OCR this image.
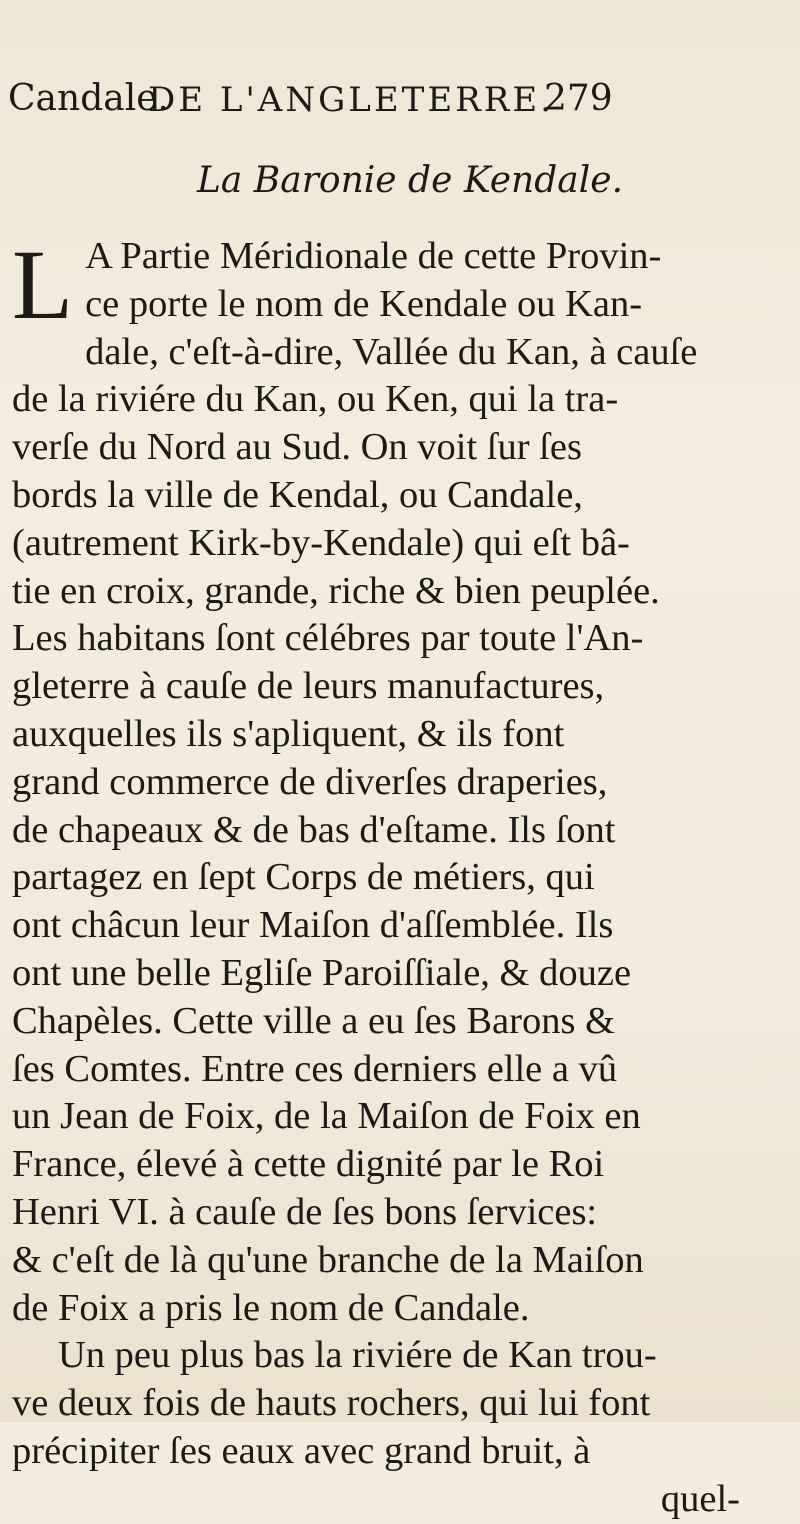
Candale.
DE L'ANGLETERRE.
279
La Baronie de Kendale.
L A Partie Méridionale de cette Provin-
ce porte le nom de Kendale ou Kan-
dale, c'eſt-à-dire, Vallée du Kan, à cauſe
de la riviére du Kan, ou Ken, qui la tra-
verſe du Nord au Sud. On voit ſur ſes
bords la ville de Kendal, ou Candale,
(autrement Kirk-by-Kendale) qui eſt bâ-
tie en croix, grande, riche & bien peuplée.
Les habitans ſont célébres par toute l'An-
gleterre à cauſe de leurs manufactures,
auxquelles ils s'apliquent, & ils font
grand commerce de diverſes draperies,
de chapeaux & de bas d'eſtame. Ils ſont
partagez en ſept Corps de métiers, qui
ont châcun leur Maiſon d'aſſemblée. Ils
ont une belle Egliſe Paroiſſiale, & douze
Chapèles. Cette ville a eu ſes Barons &
ſes Comtes. Entre ces derniers elle a vû
un Jean de Foix, de la Maiſon de Foix en
France, élevé à cette dignité par le Roi
Henri VI. à cauſe de ſes bons ſervices:
& c'eſt de là qu'une branche de la Maiſon
de Foix a pris le nom de Candale.
Un peu plus bas la riviére de Kan trou-
ve deux fois de hauts rochers, qui lui font
précipiter ſes eaux avec grand bruit, à
quel-
